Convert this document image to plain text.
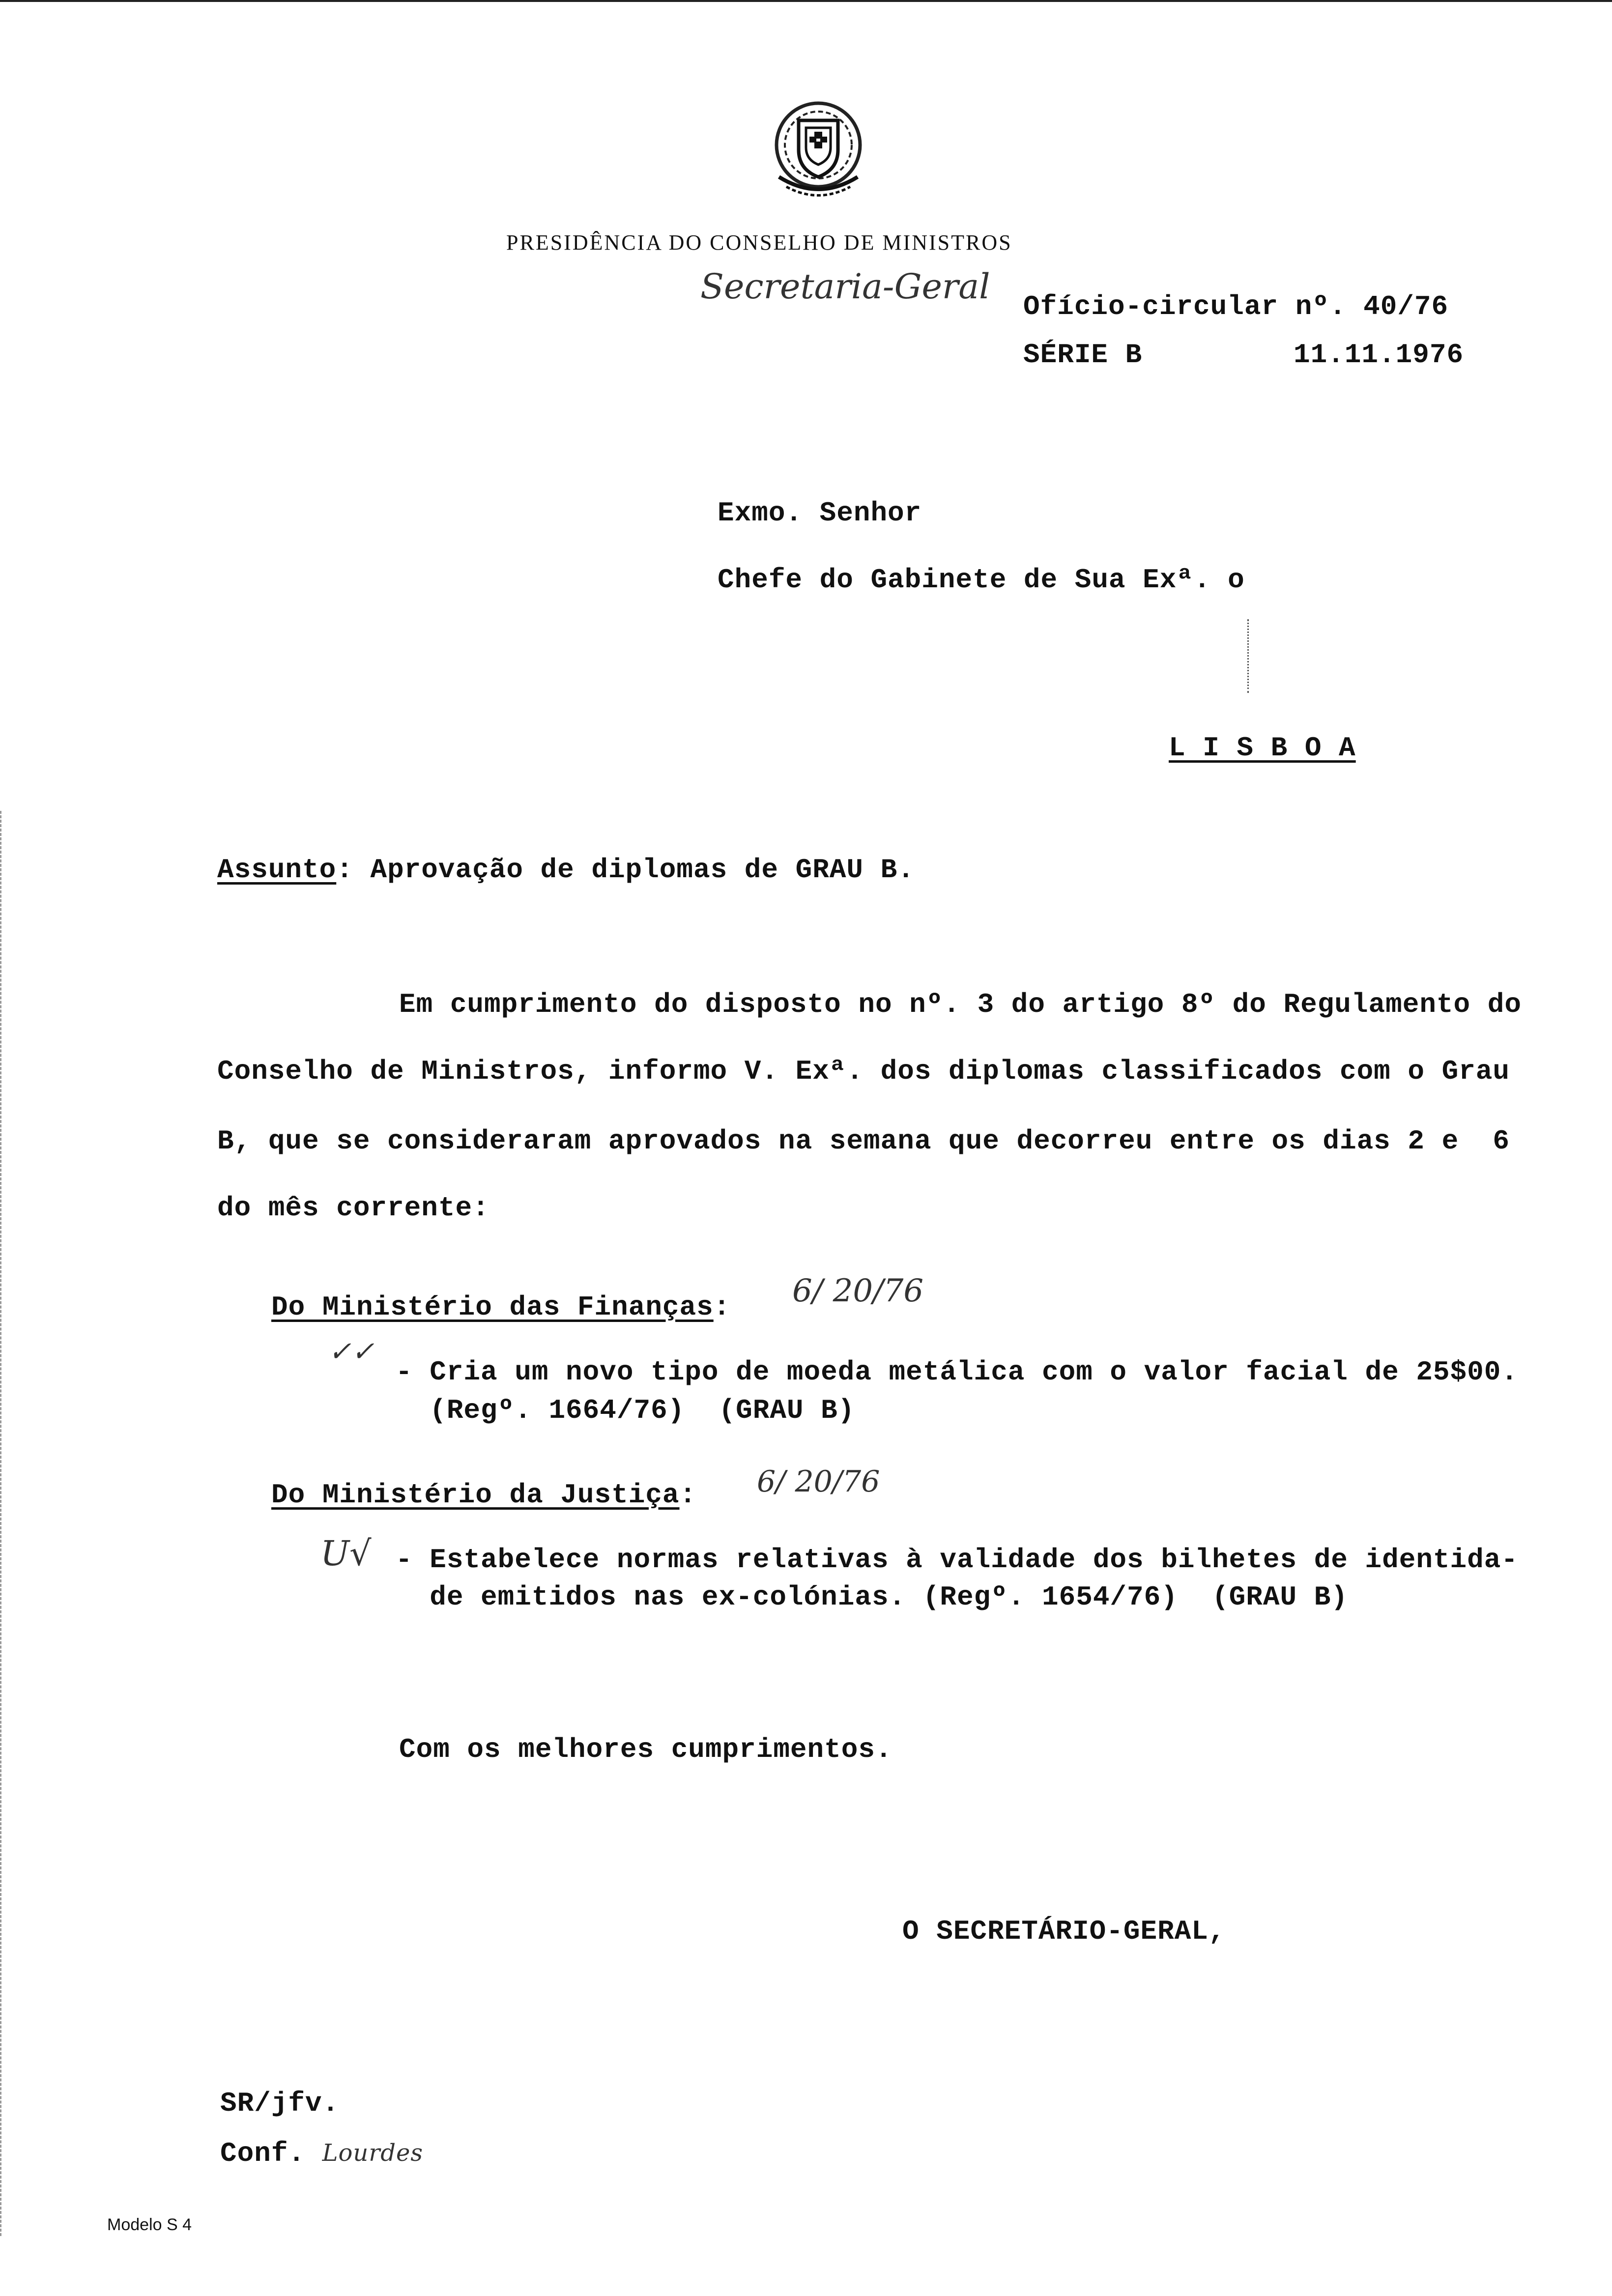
PRESIDÊNCIA DO CONSELHO DE MINISTROS
Secretaria-Geral Ofício-circular nº. 40/76
SÉRIE B	11.11.1976
Exmo. Senhor
Chefe do Gabinete de Sua Exª. o
L I S B O A
Assunto: Aprovação de diplomas de GRAU B.
Em cumprimento do disposto no nº. 3 do artigo 8º do Regulamento do
Conselho de Ministros, informo V. Exª. dos diplomas classificados com o Grau
B, que se consideraram aprovados na semana que decorreu entre os dias 2 e  6
do mês corrente:
Do Ministério das Finanças: 6/ 20/76
✓✓
- Cria um novo tipo de moeda metálica com o valor facial de 25$00.
(Regº. 1664/76)  (GRAU B)
Do Ministério da Justiça: 6/ 20/76
U√ - Estabelece normas relativas à validade dos bilhetes de identida-
de emitidos nas ex-colónias. (Regº. 1654/76)  (GRAU B)
Com os melhores cumprimentos.
O SECRETÁRIO-GERAL,
SR/jfv.
Conf. Lourdes
Modelo S 4
